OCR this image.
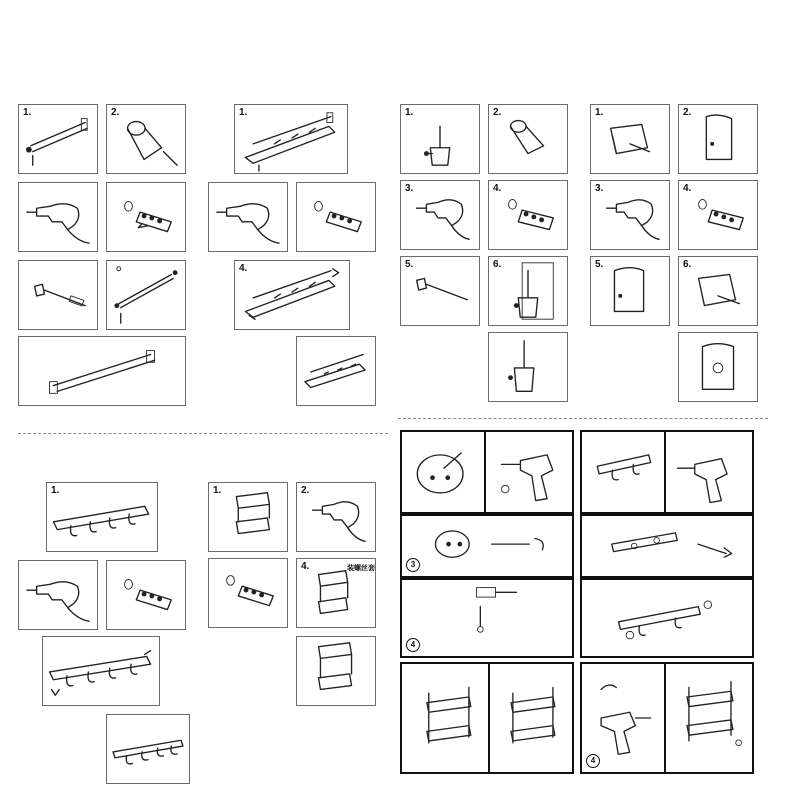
1.	2.	1.
4.
1.	2.
3.	4.
5.	6.
1.	2.
3.	4.
5.	6.
1.	1.	2.
4.	装螺丝套	3
4
4
